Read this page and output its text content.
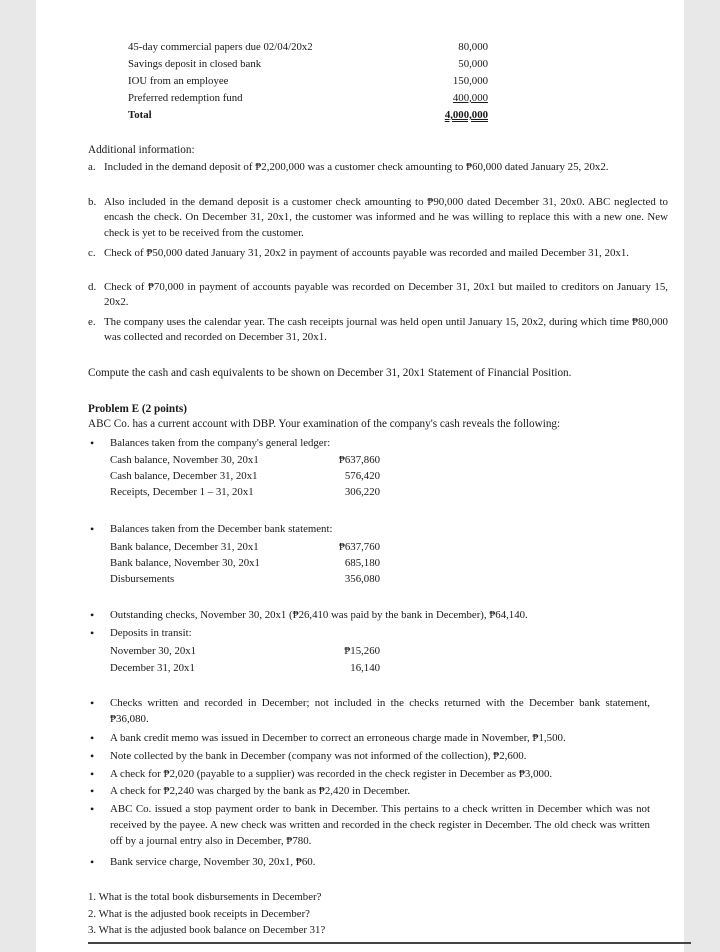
45-day commercial papers due 02/04/20x2	80,000
Savings deposit in closed bank	50,000
IOU from an employee	150,000
Preferred redemption fund	400,000
Total	4,000,000
Additional information:
a. Included in the demand deposit of ₱2,200,000 was a customer check amounting to ₱60,000 dated January 25, 20x2.
b. Also included in the demand deposit is a customer check amounting to ₱90,000 dated December 31, 20x0. ABC neglected to encash the check. On December 31, 20x1, the customer was informed and he was willing to replace this with a new one. New check is yet to be received from the customer.
c. Check of ₱50,000 dated January 31, 20x2 in payment of accounts payable was recorded and mailed December 31, 20x1.
d. Check of ₱70,000 in payment of accounts payable was recorded on December 31, 20x1 but mailed to creditors on January 15, 20x2.
e. The company uses the calendar year. The cash receipts journal was held open until January 15, 20x2, during which time ₱80,000 was collected and recorded on December 31, 20x1.
Compute the cash and cash equivalents to be shown on December 31, 20x1 Statement of Financial Position.
Problem E (2 points)
ABC Co. has a current account with DBP. Your examination of the company's cash reveals the following:
• Balances taken from the company's general ledger:
Cash balance, November 30, 20x1	₱637,860
Cash balance, December 31, 20x1	576,420
Receipts, December 1 – 31, 20x1	306,220
• Balances taken from the December bank statement:
Bank balance, December 31, 20x1	₱637,760
Bank balance, November 30, 20x1	685,180
Disbursements	356,080
• Outstanding checks, November 30, 20x1 (₱26,410 was paid by the bank in December), ₱64,140.
• Deposits in transit:
November 30, 20x1	₱15,260
December 31, 20x1	16,140
• Checks written and recorded in December; not included in the checks returned with the December bank statement, ₱36,080.
• A bank credit memo was issued in December to correct an erroneous charge made in November, ₱1,500.
• Note collected by the bank in December (company was not informed of the collection), ₱2,600.
• A check for ₱2,020 (payable to a supplier) was recorded in the check register in December as ₱3,000.
• A check for ₱2,240 was charged by the bank as ₱2,420 in December.
• ABC Co. issued a stop payment order to bank in December. This pertains to a check written in December which was not received by the payee. A new check was written and recorded in the check register in December. The old check was written off by a journal entry also in December, ₱780.
• Bank service charge, November 30, 20x1, ₱60.
1. What is the total book disbursements in December?
2. What is the adjusted book receipts in December?
3. What is the adjusted book balance on December 31?
